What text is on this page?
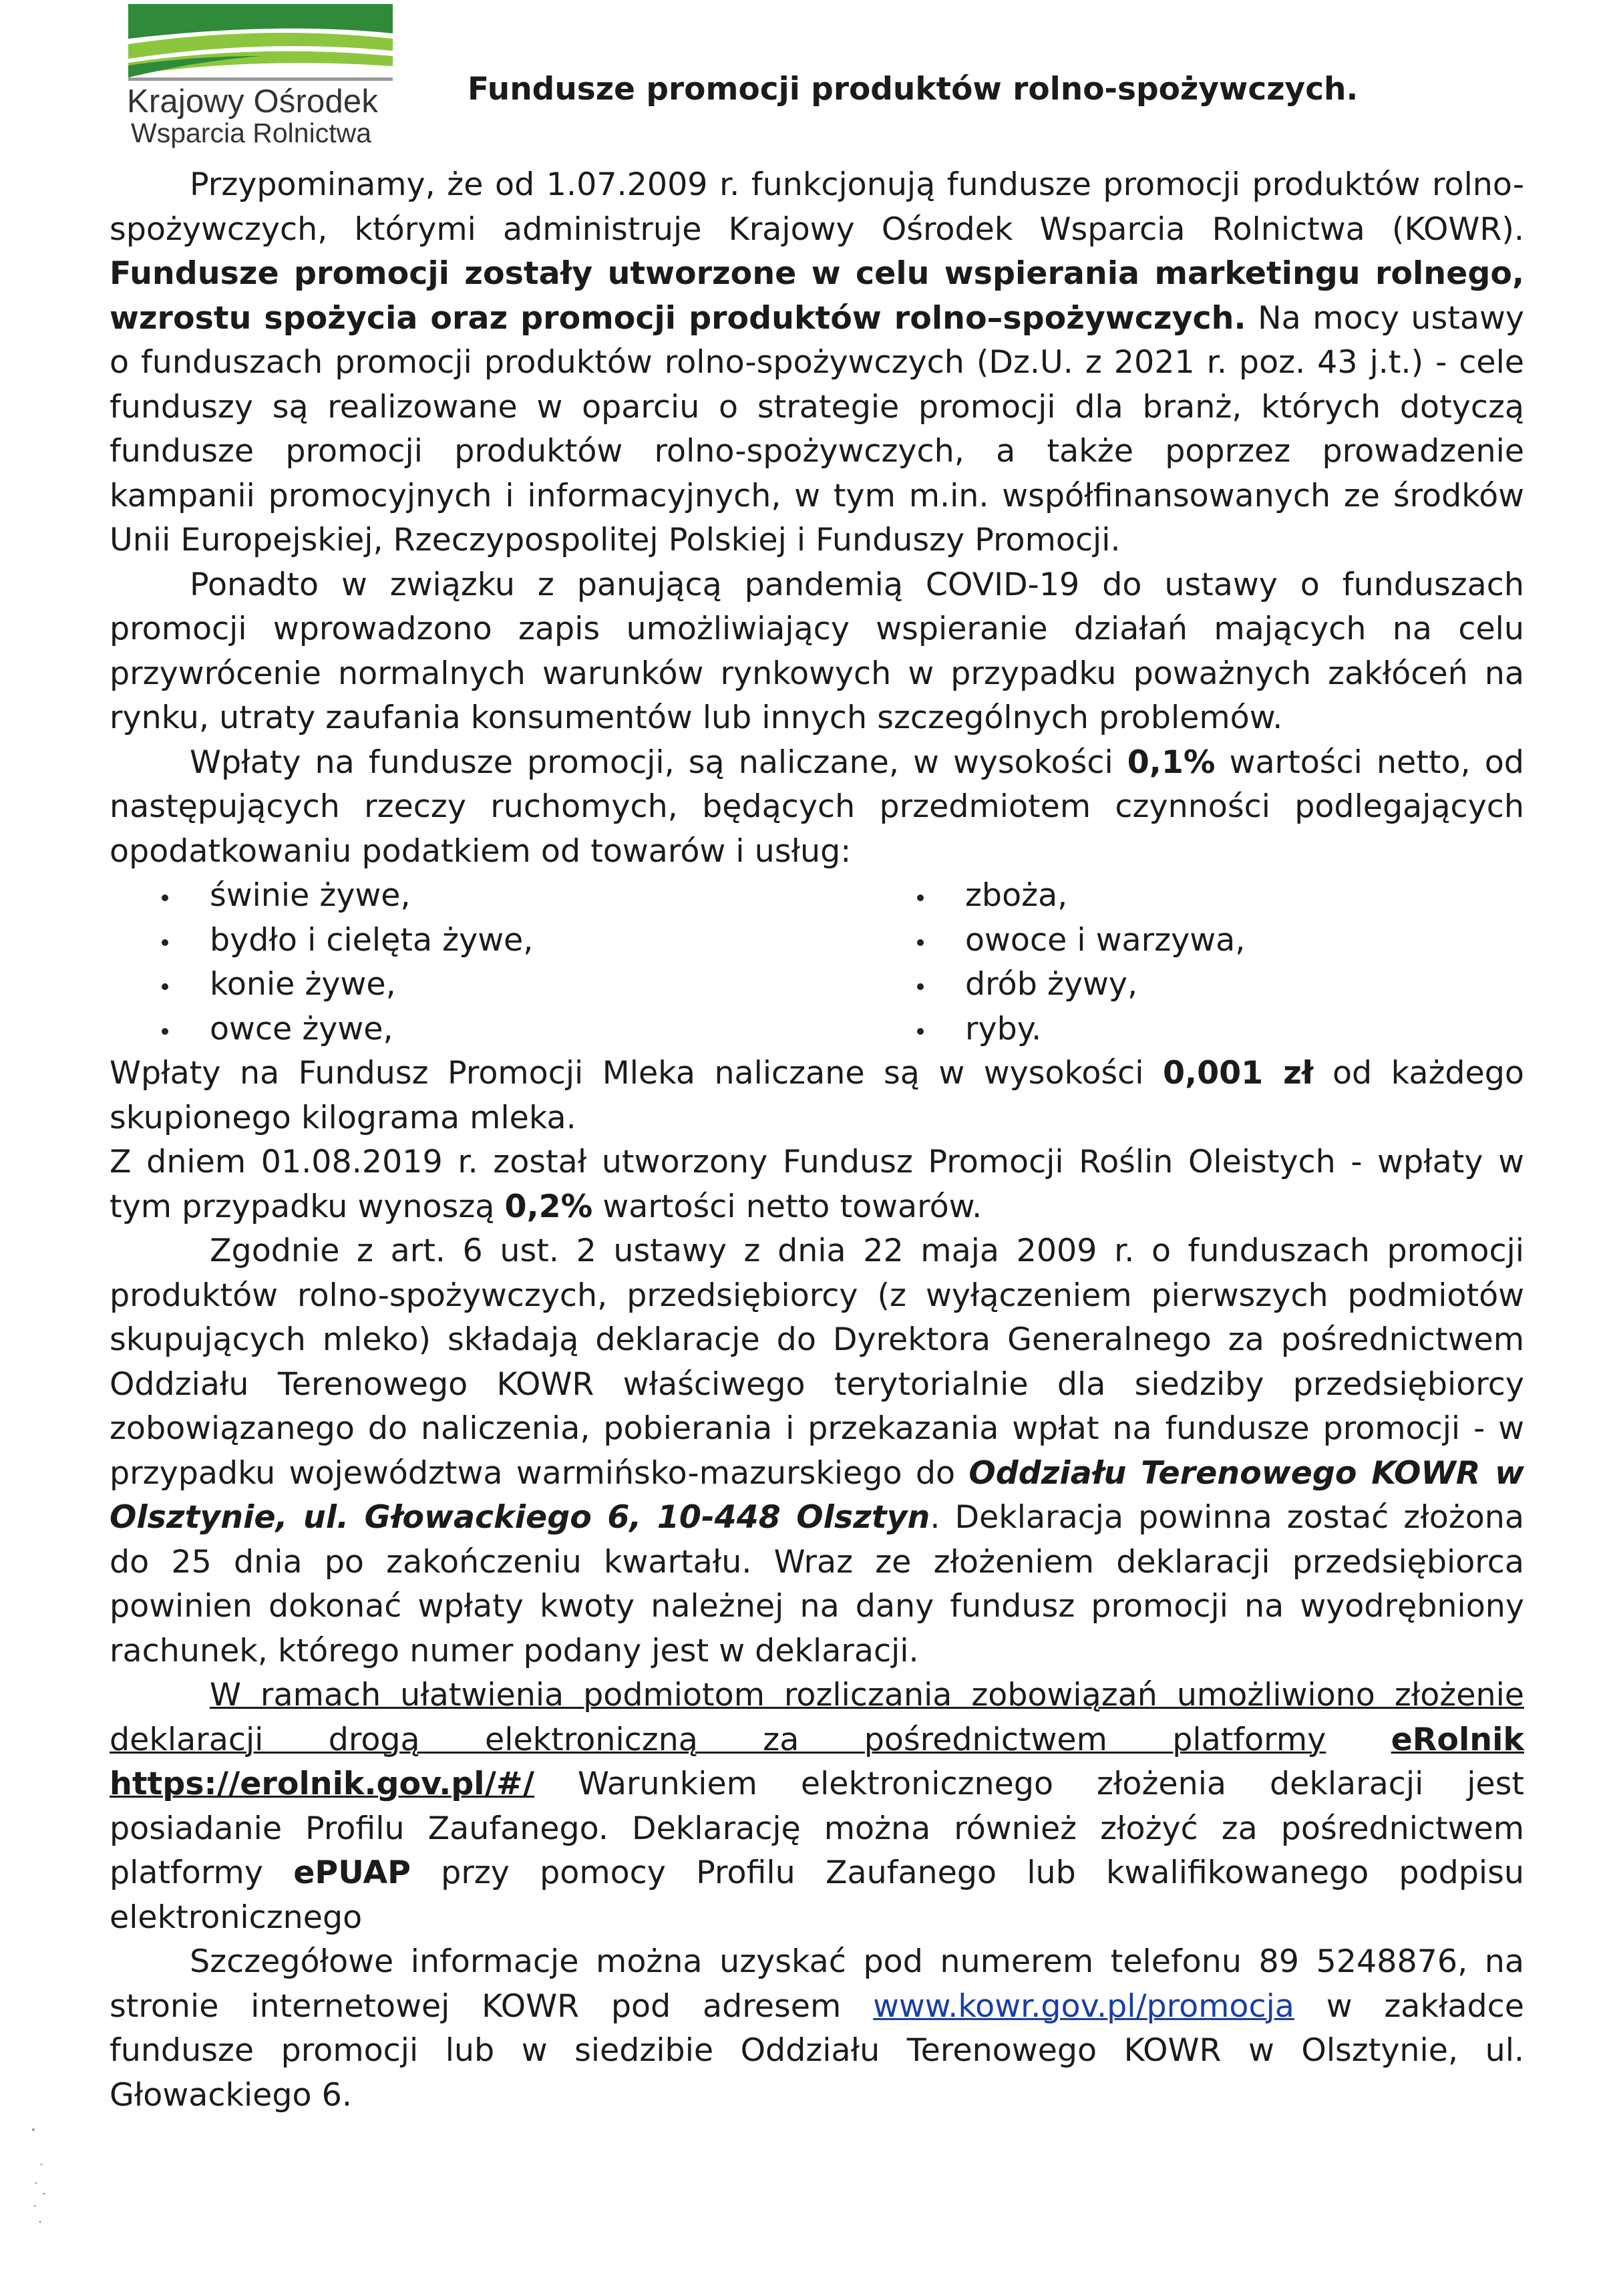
Krajowy Ośrodek
Wsparcia Rolnictwa
Fundusze promocji produktów rolno-spożywczych.

Przypominamy, że od 1.07.2009 r. funkcjonują fundusze promocji produktów rolno-spożywczych, którymi administruje Krajowy Ośrodek Wsparcia Rolnictwa (KOWR). Fundusze promocji zostały utworzone w celu wspierania marketingu rolnego, wzrostu spożycia oraz promocji produktów rolno–spożywczych. Na mocy ustawy o funduszach promocji produktów rolno-spożywczych (Dz.U. z 2021 r. poz. 43 j.t.) - cele funduszy są realizowane w oparciu o strategie promocji dla branż, których dotyczą fundusze promocji produktów rolno-spożywczych, a także poprzez prowadzenie kampanii promocyjnych i informacyjnych, w tym m.in. współfinansowanych ze środków Unii Europejskiej, Rzeczypospolitej Polskiej i Funduszy Promocji.

Ponadto w związku z panującą pandemią COVID-19 do ustawy o funduszach promocji wprowadzono zapis umożliwiający wspieranie działań mających na celu przywrócenie normalnych warunków rynkowych w przypadku poważnych zakłóceń na rynku, utraty zaufania konsumentów lub innych szczególnych problemów.

Wpłaty na fundusze promocji, są naliczane, w wysokości 0,1% wartości netto, od następujących rzeczy ruchomych, będących przedmiotem czynności podlegających opodatkowaniu podatkiem od towarów i usług:

świnie żywe,
bydło i cielęta żywe,
konie żywe,
owce żywe,
zboża,
owoce i warzywa,
drób żywy,
ryby.

Wpłaty na Fundusz Promocji Mleka naliczane są w wysokości 0,001 zł od każdego skupionego kilograma mleka.

Z dniem 01.08.2019 r. został utworzony Fundusz Promocji Roślin Oleistych - wpłaty w tym przypadku wynoszą 0,2% wartości netto towarów.

Zgodnie z art. 6 ust. 2 ustawy z dnia 22 maja 2009 r. o funduszach promocji produktów rolno-spożywczych, przedsiębiorcy (z wyłączeniem pierwszych podmiotów skupujących mleko) składają deklaracje do Dyrektora Generalnego za pośrednictwem Oddziału Terenowego KOWR właściwego terytorialnie dla siedziby przedsiębiorcy zobowiązanego do naliczenia, pobierania i przekazania wpłat na fundusze promocji - w przypadku województwa warmińsko-mazurskiego do Oddziału Terenowego KOWR w Olsztynie, ul. Głowackiego 6, 10-448 Olsztyn. Deklaracja powinna zostać złożona do 25 dnia po zakończeniu kwartału. Wraz ze złożeniem deklaracji przedsiębiorca powinien dokonać wpłaty kwoty należnej na dany fundusz promocji na wyodrębniony rachunek, którego numer podany jest w deklaracji.

W ramach ułatwienia podmiotom rozliczania zobowiązań umożliwiono złożenie deklaracji drogą elektroniczną za pośrednictwem platformy eRolnik https://erolnik.gov.pl/#/ Warunkiem elektronicznego złożenia deklaracji jest posiadanie Profilu Zaufanego. Deklarację można również złożyć za pośrednictwem platformy ePUAP przy pomocy Profilu Zaufanego lub kwalifikowanego podpisu elektronicznego

Szczegółowe informacje można uzyskać pod numerem telefonu 89 5248876, na stronie internetowej KOWR pod adresem www.kowr.gov.pl/promocja w zakładce fundusze promocji lub w siedzibie Oddziału Terenowego KOWR w Olsztynie, ul. Głowackiego 6.
